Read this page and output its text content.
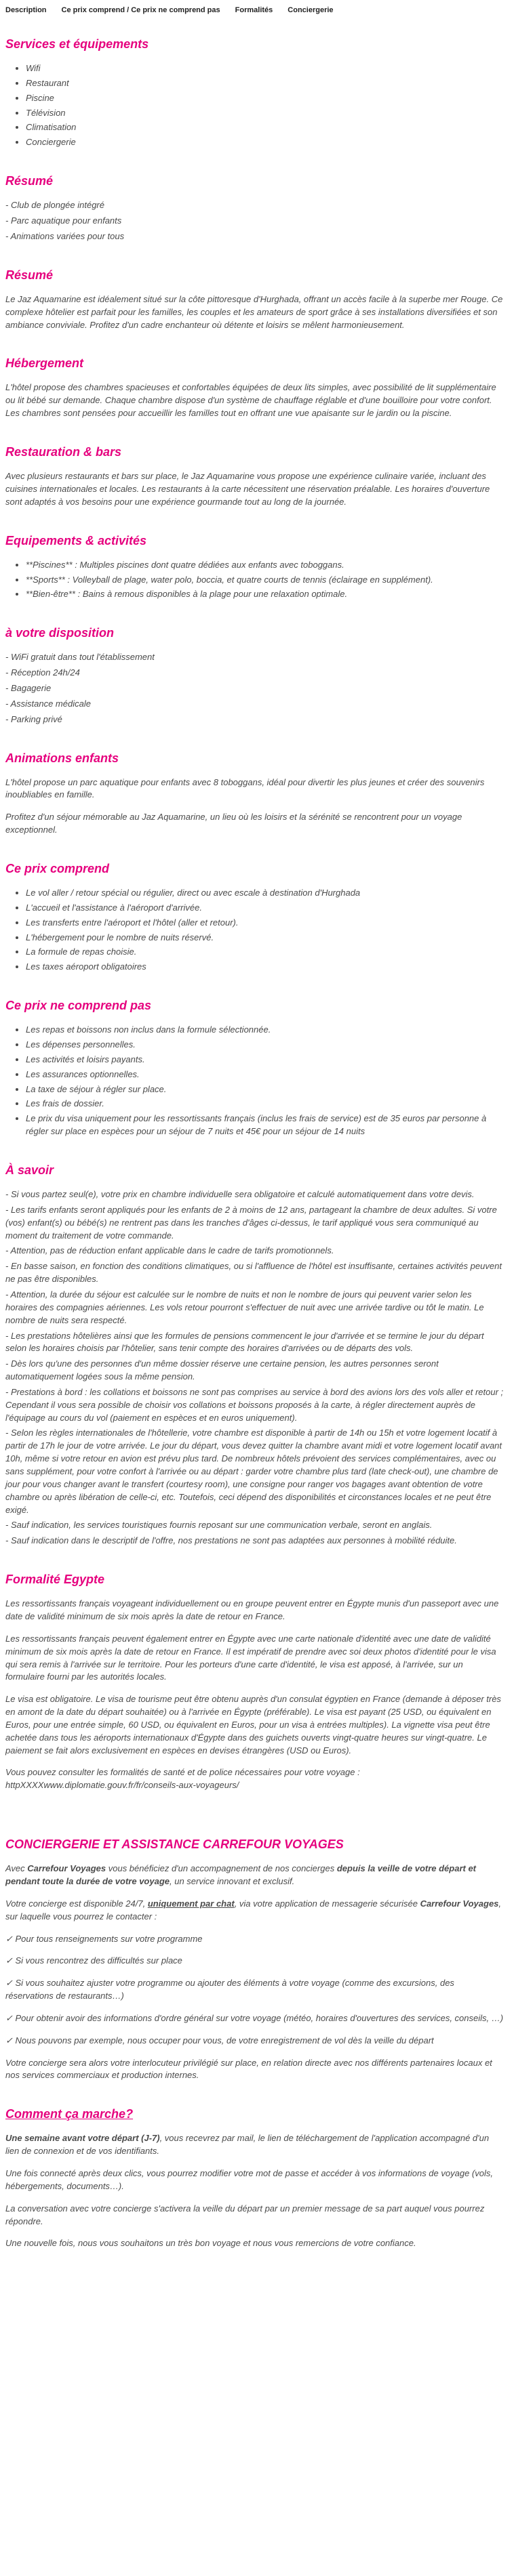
Description Ce prix comprend / Ce prix ne comprend pas Formalités Conciergerie
Services et équipements
• Wifi
• Restaurant
• Piscine
• Télévision
• Climatisation
• Conciergerie
Résumé
- Club de plongée intégré
- Parc aquatique pour enfants
- Animations variées pour tous
Résumé

Le Jaz Aquamarine est idéalement situé sur la côte pittoresque d'Hurghada, offrant un accès facile à la superbe mer Rouge. Ce complexe hôtelier est parfait pour les familles, les couples et les amateurs de sport grâce à ses installations diversifiées et son ambiance conviviale. Profitez d'un cadre enchanteur où détente et loisirs se mêlent harmonieusement.

Hébergement

L'hôtel propose des chambres spacieuses et confortables équipées de deux lits simples, avec possibilité de lit supplémentaire ou lit bébé sur demande. Chaque chambre dispose d'un système de chauffage réglable et d'une bouilloire pour votre confort. Les chambres sont pensées pour accueillir les familles tout en offrant une vue apaisante sur le jardin ou la piscine.

Restauration & bars

Avec plusieurs restaurants et bars sur place, le Jaz Aquamarine vous propose une expérience culinaire variée, incluant des cuisines internationales et locales. Les restaurants à la carte nécessitent une réservation préalable. Les horaires d'ouverture sont adaptés à vos besoins pour une expérience gourmande tout au long de la journée.

Equipements & activités
• **Piscines** : Multiples piscines dont quatre dédiées aux enfants avec toboggans.
• **Sports** : Volleyball de plage, water polo, boccia, et quatre courts de tennis (éclairage en supplément).
• **Bien-être** : Bains à remous disponibles à la plage pour une relaxation optimale.
à votre disposition
- WiFi gratuit dans tout l'établissement
- Réception 24h/24
- Bagagerie
- Assistance médicale
- Parking privé
Animations enfants

L'hôtel propose un parc aquatique pour enfants avec 8 toboggans, idéal pour divertir les plus jeunes et créer des souvenirs inoubliables en famille.

Profitez d'un séjour mémorable au Jaz Aquamarine, un lieu où les loisirs et la sérénité se rencontrent pour un voyage exceptionnel.

Ce prix comprend
• Le vol aller / retour spécial ou régulier, direct ou avec escale à destination d'Hurghada
• L'accueil et l'assistance à l'aéroport d'arrivée.
• Les transferts entre l'aéroport et l'hôtel (aller et retour).
• L'hébergement pour le nombre de nuits réservé.
• La formule de repas choisie.
• Les taxes aéroport obligatoires
Ce prix ne comprend pas
• Les repas et boissons non inclus dans la formule sélectionnée.
• Les dépenses personnelles.
• Les activités et loisirs payants.
• Les assurances optionnelles.
• La taxe de séjour à régler sur place.
• Les frais de dossier.
• Le prix du visa uniquement pour les ressortissants français (inclus les frais de service) est de 35 euros par personne à régler sur place en espèces pour un séjour de 7 nuits et 45€ pour un séjour de 14 nuits
À savoir
- Si vous partez seul(e), votre prix en chambre individuelle sera obligatoire et calculé automatiquement dans votre devis.
- Les tarifs enfants seront appliqués pour les enfants de 2 à moins de 12 ans, partageant la chambre de deux adultes. Si votre (vos) enfant(s) ou bébé(s) ne rentrent pas dans les tranches d'âges ci-dessus, le tarif appliqué vous sera communiqué au moment du traitement de votre commande.
- Attention, pas de réduction enfant applicable dans le cadre de tarifs promotionnels.
- En basse saison, en fonction des conditions climatiques, ou si l'affluence de l'hôtel est insuffisante, certaines activités peuvent ne pas être disponibles.
- Attention, la durée du séjour est calculée sur le nombre de nuits et non le nombre de jours qui peuvent varier selon les horaires des compagnies aériennes. Les vols retour pourront s'effectuer de nuit avec une arrivée tardive ou tôt le matin. Le nombre de nuits sera respecté.
- Les prestations hôtelières ainsi que les formules de pensions commencent le jour d'arrivée et se termine le jour du départ selon les horaires choisis par l'hôtelier, sans tenir compte des horaires d'arrivées ou de départs des vols.
- Dès lors qu'une des personnes d'un même dossier réserve une certaine pension, les autres personnes seront automatiquement logées sous la même pension.
- Prestations à bord : les collations et boissons ne sont pas comprises au service à bord des avions lors des vols aller et retour ; Cependant il vous sera possible de choisir vos collations et boissons proposés à la carte, à régler directement auprès de l'équipage au cours du vol (paiement en espèces et en euros uniquement).
- Selon les règles internationales de l'hôtellerie, votre chambre est disponible à partir de 14h ou 15h et votre logement locatif à partir de 17h le jour de votre arrivée. Le jour du départ, vous devez quitter la chambre avant midi et votre logement locatif avant 10h, même si votre retour en avion est prévu plus tard. De nombreux hôtels prévoient des services complémentaires, avec ou sans supplément, pour votre confort à l'arrivée ou au départ : garder votre chambre plus tard (late check-out), une chambre de jour pour vous changer avant le transfert (courtesy room), une consigne pour ranger vos bagages avant obtention de votre chambre ou après libération de celle-ci, etc. Toutefois, ceci dépend des disponibilités et circonstances locales et ne peut être exigé.
- Sauf indication, les services touristiques fournis reposant sur une communication verbale, seront en anglais.
- Sauf indication dans le descriptif de l'offre, nos prestations ne sont pas adaptées aux personnes à mobilité réduite.
Formalité Egypte

Les ressortissants français voyageant individuellement ou en groupe peuvent entrer en Égypte munis d'un passeport avec une date de validité minimum de six mois après la date de retour en France.

Les ressortissants français peuvent également entrer en Égypte avec une carte nationale d'identité avec une date de validité minimum de six mois après la date de retour en France. Il est impératif de prendre avec soi deux photos d'identité pour le visa qui sera remis à l'arrivée sur le territoire. Pour les porteurs d'une carte d'identité, le visa est apposé, à l'arrivée, sur un formulaire fourni par les autorités locales.

Le visa est obligatoire. Le visa de tourisme peut être obtenu auprès d'un consulat égyptien en France (demande à déposer très en amont de la date du départ souhaitée) ou à l'arrivée en Égypte (préférable). Le visa est payant (25 USD, ou équivalent en Euros, pour une entrée simple, 60 USD, ou équivalent en Euros, pour un visa à entrées multiples). La vignette visa peut être achetée dans tous les aéroports internationaux d'Égypte dans des guichets ouverts vingt-quatre heures sur vingt-quatre. Le paiement se fait alors exclusivement en espèces en devises étrangères (USD ou Euros).

Vous pouvez consulter les formalités de santé et de police nécessaires pour votre voyage : httpXXXXwww.diplomatie.gouv.fr/fr/conseils-aux-voyageurs/

CONCIERGERIE ET ASSISTANCE CARREFOUR VOYAGES

Avec Carrefour Voyages vous bénéficiez d'un accompagnement de nos concierges depuis la veille de votre départ et pendant toute la durée de votre voyage, un service innovant et exclusif.

Votre concierge est disponible 24/7, uniquement par chat, via votre application de messagerie sécurisée Carrefour Voyages, sur laquelle vous pourrez le contacter :

✓ Pour tous renseignements sur votre programme

✓ Si vous rencontrez des difficultés sur place

✓ Si vous souhaitez ajuster votre programme ou ajouter des éléments à votre voyage (comme des excursions, des réservations de restaurants…)

✓ Pour obtenir avoir des informations d'ordre général sur votre voyage (météo, horaires d'ouvertures des services, conseils, …)

✓ Nous pouvons par exemple, nous occuper pour vous, de votre enregistrement de vol dès la veille du départ

Votre concierge sera alors votre interlocuteur privilégié sur place, en relation directe avec nos différents partenaires locaux et nos services commerciaux et production internes.

Comment ça marche?

Une semaine avant votre départ (J-7), vous recevrez par mail, le lien de téléchargement de l'application accompagné d'un lien de connexion et de vos identifiants.

Une fois connecté après deux clics, vous pourrez modifier votre mot de passe et accéder à vos informations de voyage (vols, hébergements, documents…).

La conversation avec votre concierge s'activera la veille du départ par un premier message de sa part auquel vous pourrez répondre.

Une nouvelle fois, nous vous souhaitons un très bon voyage et nous vous remercions de votre confiance.
